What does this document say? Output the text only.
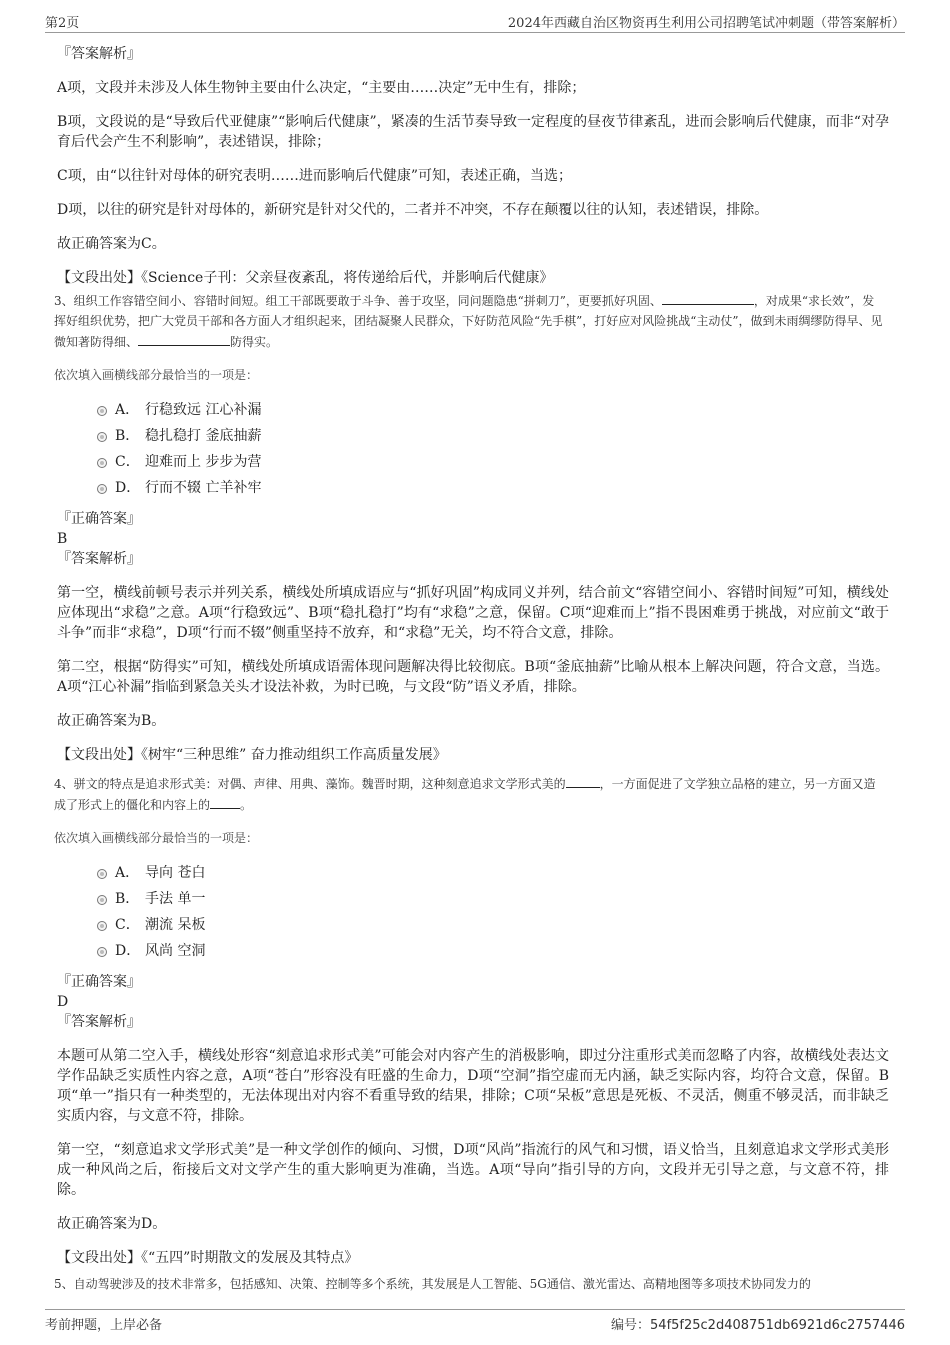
第2页	2024年西藏自治区物资再生利用公司招聘笔试冲刺题（带答案解析）

『答案解析』

A项，文段并未涉及人体生物钟主要由什么决定，“主要由……决定”无中生有，排除；

B项，文段说的是“导致后代亚健康”“影响后代健康”，紧凑的生活节奏导致一定程度的昼夜节律紊乱，进而会影响后代健康，而非“对孕育后代会产生不利影响”，表述错误，排除；

C项，由“以往针对母体的研究表明……进而影响后代健康”可知，表述正确，当选；

D项，以往的研究是针对母体的，新研究是针对父代的，二者并不冲突，不存在颠覆以往的认知，表述错误，排除。

故正确答案为C。

【文段出处】《Science子刊：父亲昼夜紊乱，将传递给后代，并影响后代健康》

3、组织工作容错空间小、容错时间短。组工干部既要敢于斗争、善于攻坚，同问题隐患“拼刺刀”，更要抓好巩固、	，对成果“求长效”，发挥好组织优势，把广大党员干部和各方面人才组织起来，团结凝聚人民群众，下好防范风险“先手棋”，打好应对风险挑战“主动仗”，做到未雨绸缪防得早、见微知著防得细、	防得实。

依次填入画横线部分最恰当的一项是：

A． 行稳致远 江心补漏
B． 稳扎稳打 釜底抽薪
C． 迎难而上 步步为营
D． 行而不辍 亡羊补牢

『正确答案』

B

『答案解析』

第一空，横线前顿号表示并列关系，横线处所填成语应与“抓好巩固”构成同义并列，结合前文“容错空间小、容错时间短”可知，横线处应体现出“求稳”之意。A项“行稳致远”、B项“稳扎稳打”均有“求稳”之意，保留。C项“迎难而上”指不畏困难勇于挑战，对应前文“敢于斗争”而非“求稳”，D项“行而不辍”侧重坚持不放弃，和“求稳”无关，均不符合文意，排除。

第二空，根据“防得实”可知，横线处所填成语需体现问题解决得比较彻底。B项“釜底抽薪”比喻从根本上解决问题，符合文意，当选。A项“江心补漏”指临到紧急关头才设法补救，为时已晚，与文段“防”语义矛盾，排除。

故正确答案为B。

【文段出处】《树牢“三种思维” 奋力推动组织工作高质量发展》

4、骈文的特点是追求形式美：对偶、声律、用典、藻饰。魏晋时期，这种刻意追求文学形式美的	，一方面促进了文学独立品格的建立，另一方面又造成了形式上的僵化和内容上的	。

依次填入画横线部分最恰当的一项是：

A． 导向 苍白
B． 手法 单一
C． 潮流 呆板
D． 风尚 空洞

『正确答案』

D

『答案解析』

本题可从第二空入手，横线处形容“刻意追求形式美”可能会对内容产生的消极影响，即过分注重形式美而忽略了内容，故横线处表达文学作品缺乏实质性内容之意，A项“苍白”形容没有旺盛的生命力，D项“空洞”指空虚而无内涵，缺乏实际内容，均符合文意，保留。B项“单一”指只有一种类型的，无法体现出对内容不看重导致的结果，排除；C项“呆板”意思是死板、不灵活，侧重不够灵活，而非缺乏实质内容，与文意不符，排除。

第一空，“刻意追求文学形式美”是一种文学创作的倾向、习惯，D项“风尚”指流行的风气和习惯，语义恰当，且刻意追求文学形式美形成一种风尚之后，衔接后文对文学产生的重大影响更为准确，当选。A项“导向”指引导的方向，文段并无引导之意，与文意不符，排除。

故正确答案为D。

【文段出处】《“五四”时期散文的发展及其特点》

5、自动驾驶涉及的技术非常多，包括感知、决策、控制等多个系统，其发展是人工智能、5G通信、激光雷达、高精地图等多项技术协同发力的

考前押题，上岸必备	编号：54f5f25c2d408751db6921d6c2757446
